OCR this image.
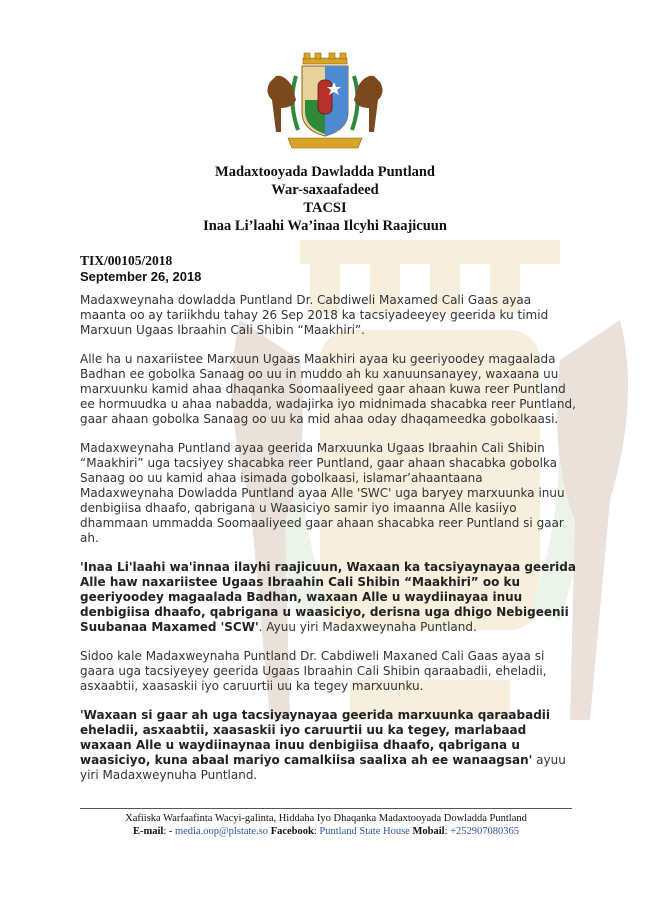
Madaxtooyada Dawladda Puntland
War-saxaafadeed
TACSI
Inaa Li’laahi Wa’inaa Ilcyhi Raajicuun
TIX/00105/2018
September 26, 2018

Madaxweynaha dowladda Puntland Dr. Cabdiweli Maxamed Cali Gaas ayaa maanta oo ay tariikhdu tahay 26 Sep 2018 ka tacsiyadeeyey geerida ku timid Marxuun Ugaas Ibraahin Cali Shibin “Maakhiri”.

Alle ha u naxariistee Marxuun Ugaas Maakhiri ayaa ku geeriyoodey magaalada Badhan ee gobolka Sanaag oo uu in muddo ah ku xanuunsanayey, waxaana uu marxuunku kamid ahaa dhaqanka Soomaaliyeed gaar ahaan kuwa reer Puntland ee hormuudka u ahaa nabadda, wadajirka iyo midnimada shacabka reer Puntland, gaar ahaan gobolka Sanaag oo uu ka mid ahaa oday dhaqameedka gobolkaasi.

Madaxweynaha Puntland ayaa geerida Marxuunka Ugaas Ibraahin Cali Shibin “Maakhiri” uga tacsiyey shacabka reer Puntland, gaar ahaan shacabka gobolka Sanaag oo uu kamid ahaa isimada gobolkaasi, islamar’ahaantaana Madaxweynaha Dowladda Puntland ayaa Alle 'SWC' uga baryey marxuunka inuu denbigiisa dhaafo, qabrigana u Waasiciyo samir iyo imaanna Alle kasiiyo dhammaan ummadda Soomaaliyeed gaar ahaan shacabka reer Puntland si gaar ah.

'Inaa Li'laahi wa'innaa ilayhi raajicuun, Waxaan ka tacsiyaynayaa geerida Alle haw naxariistee Ugaas Ibraahin Cali Shibin “Maakhiri” oo ku geeriyoodey magaalada Badhan, waxaan Alle u waydiinayaa inuu denbigiisa dhaafo, qabrigana u waasiciyo, derisna uga dhigo Nebigeenii Suubanaa Maxamed 'SCW'. Ayuu yiri Madaxweynaha Puntland.

Sidoo kale Madaxweynaha Puntland Dr. Cabdiweli Maxaned Cali Gaas ayaa si gaara uga tacsiyeyey geerida Ugaas Ibraahin Cali Shibin qaraabadii, eheladii, asxaabtii, xaasaskii iyo caruurtii uu ka tegey marxuunku.

'Waxaan si gaar ah uga tacsiyaynayaa geerida marxuunka qaraabadii eheladii, asxaabtii, xaasaskii iyo caruurtii uu ka tegey, marlabaad waxaan Alle u waydiinaynaa inuu denbigiisa dhaafo, qabrigana u waasiciyo, kuna abaal mariyo camalkiisa saalixa ah ee wanaagsan' ayuu yiri Madaxweynuha Puntland.

Xafiiska Warfaafinta Wacyi-galinta, Hiddaha Iyo Dhaqanka Madaxtooyada Dowladda Puntland
E-mail: - media.oop@plstate.so Facebook: Puntland State House Mobail: +252907080365
